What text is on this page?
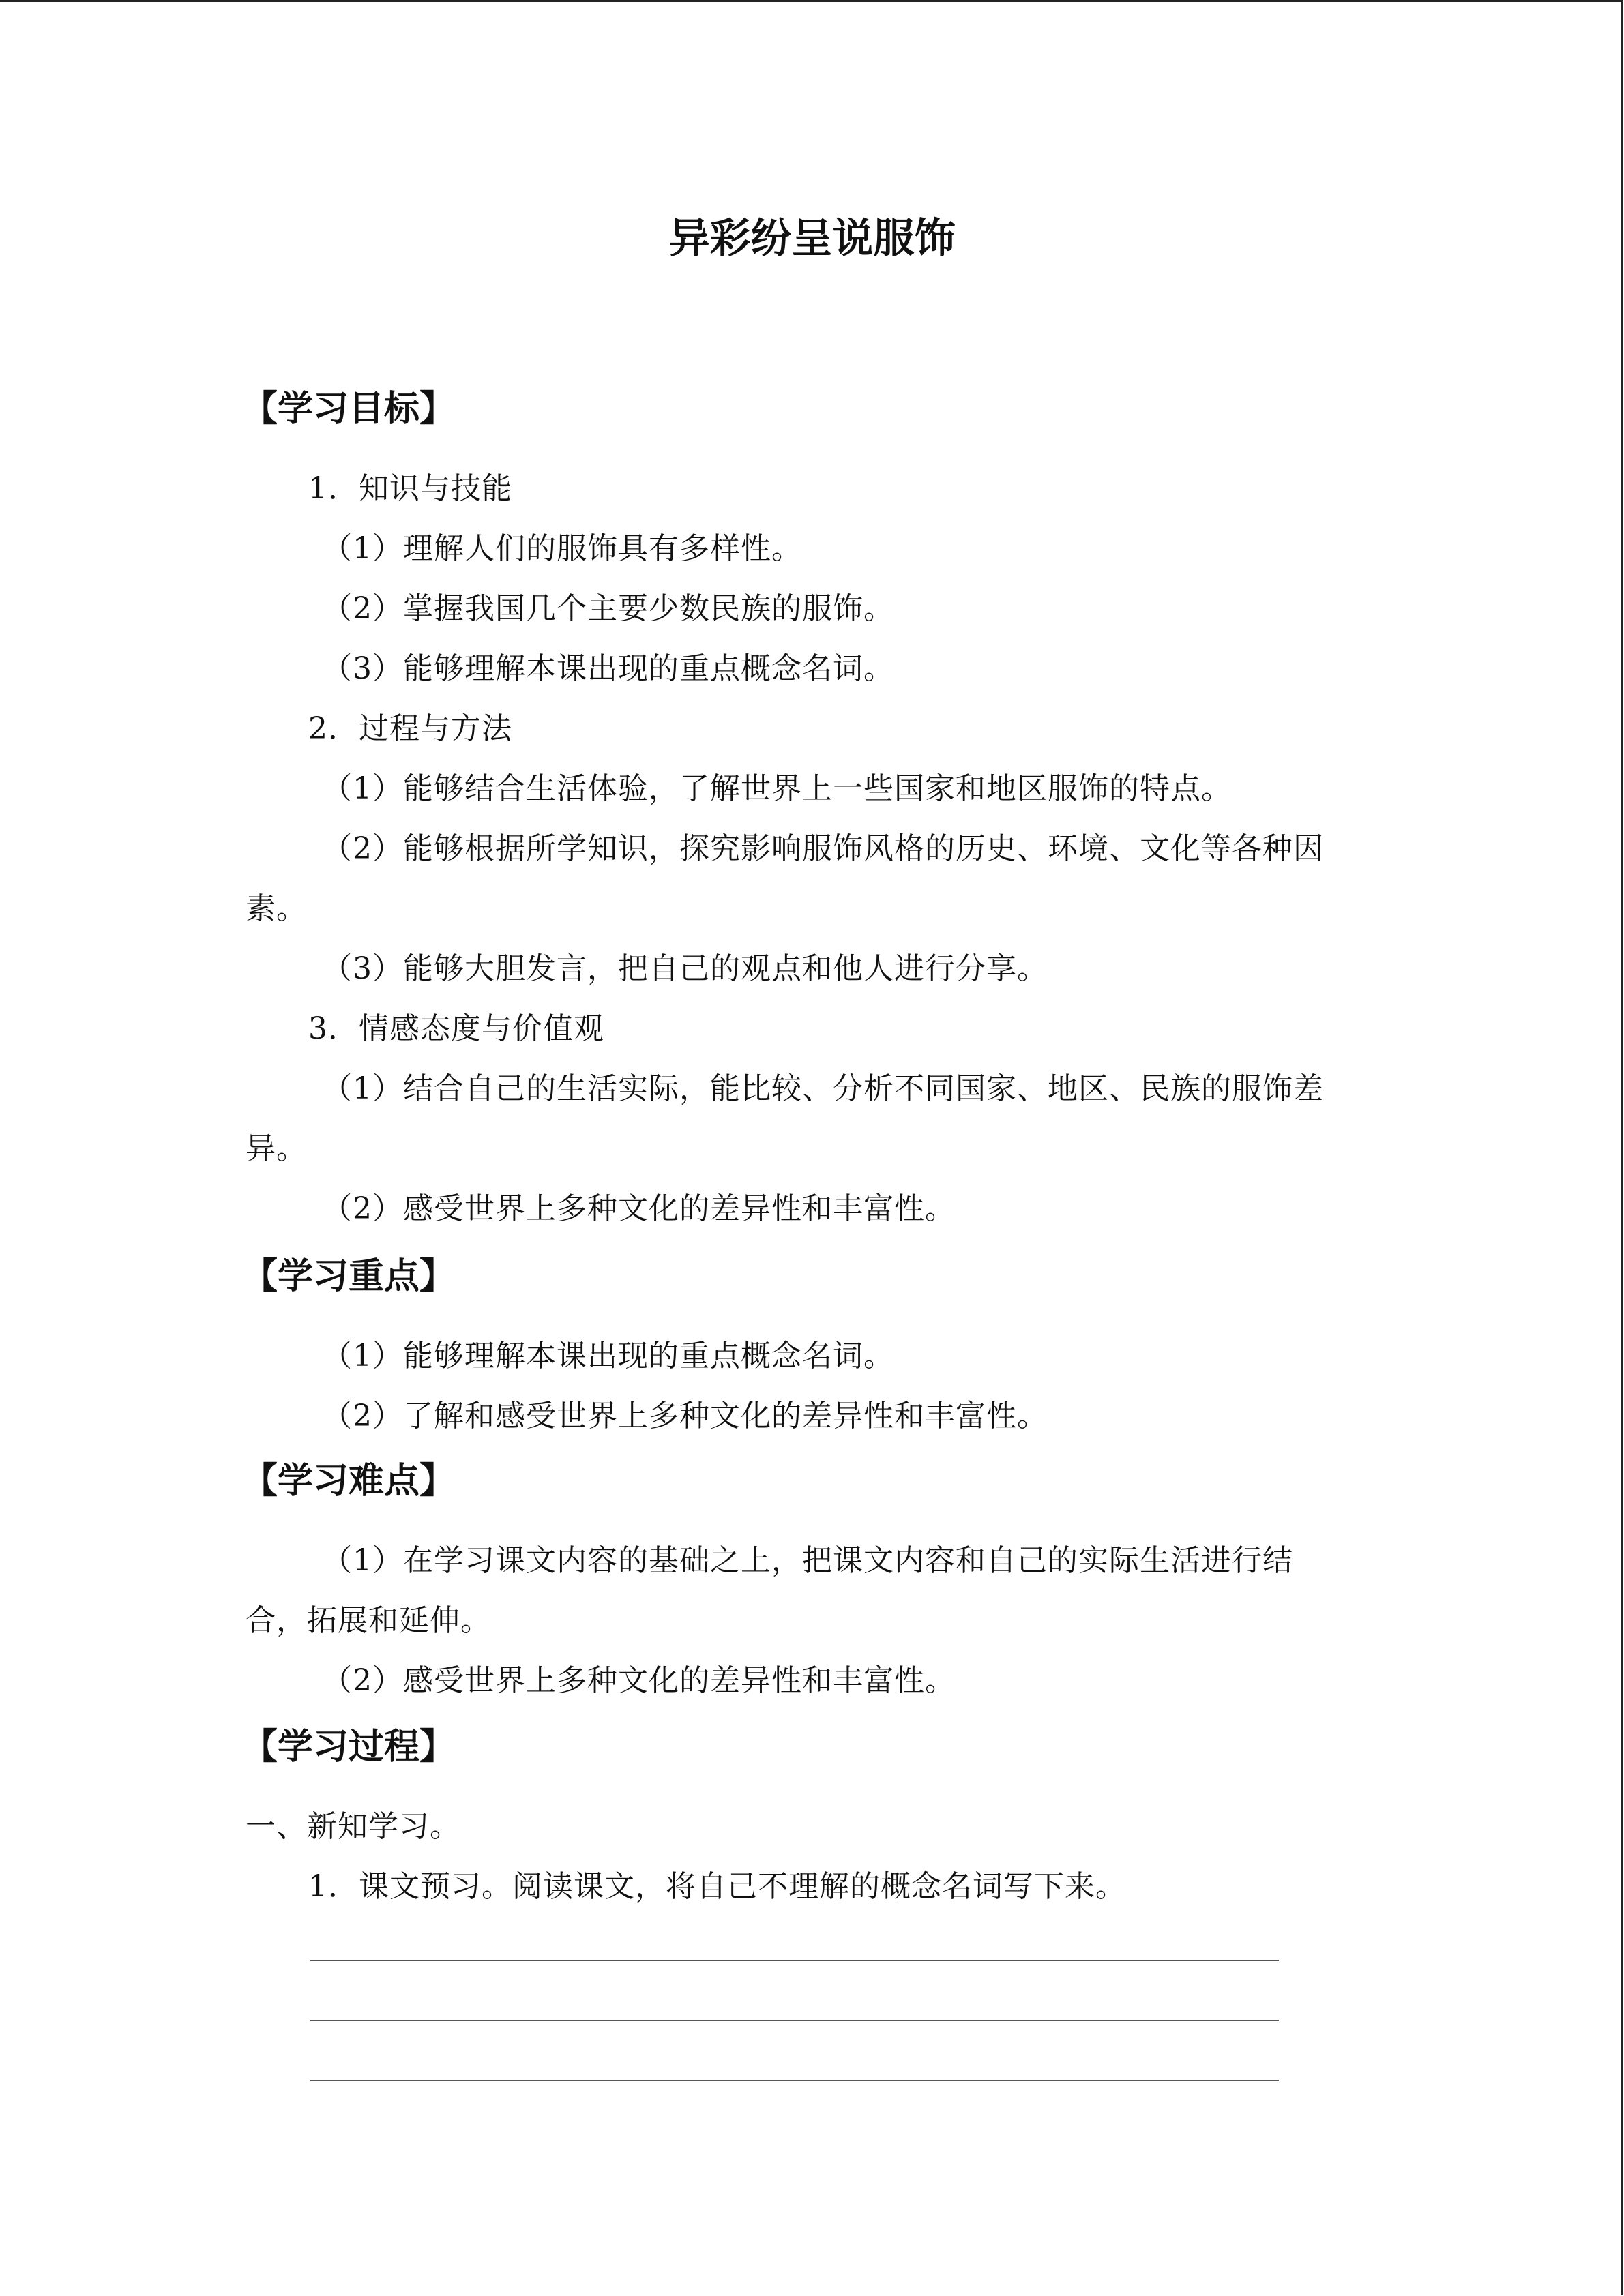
异彩纷呈说服饰
【学习目标】
1．知识与技能
（1）理解人们的服饰具有多样性。
（2）掌握我国几个主要少数民族的服饰。
（3）能够理解本课出现的重点概念名词。
2．过程与方法
（1）能够结合生活体验，了解世界上一些国家和地区服饰的特点。
（2）能够根据所学知识，探究影响服饰风格的历史、环境、文化等各种因
素。
（3）能够大胆发言，把自己的观点和他人进行分享。
3．情感态度与价值观
（1）结合自己的生活实际，能比较、分析不同国家、地区、民族的服饰差
异。
（2）感受世界上多种文化的差异性和丰富性。
【学习重点】
（1）能够理解本课出现的重点概念名词。
（2）了解和感受世界上多种文化的差异性和丰富性。
【学习难点】
（1）在学习课文内容的基础之上，把课文内容和自己的实际生活进行结
合，拓展和延伸。
（2）感受世界上多种文化的差异性和丰富性。
【学习过程】
一、新知学习。
1．课文预习。阅读课文，将自己不理解的概念名词写下来。
